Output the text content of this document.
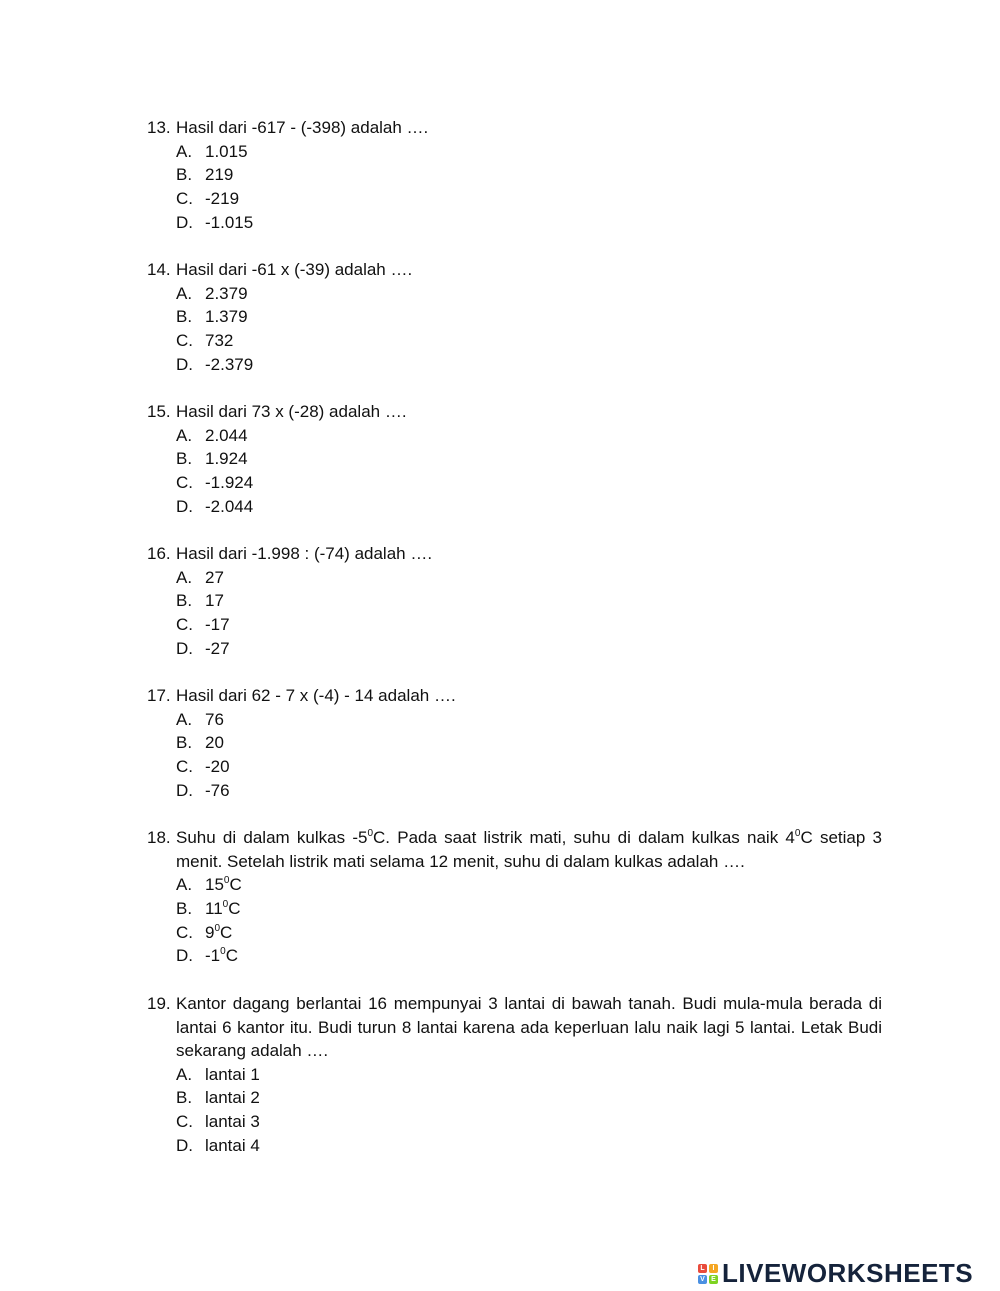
13. Hasil dari -617 - (-398) adalah ….
A. 1.015
B. 219
C. -219
D. -1.015
14. Hasil dari -61 x (-39) adalah ….
A. 2.379
B. 1.379
C. 732
D. -2.379
15. Hasil dari 73 x (-28) adalah ….
A. 2.044
B. 1.924
C. -1.924
D. -2.044
16. Hasil dari -1.998 : (-74) adalah ….
A. 27
B. 17
C. -17
D. -27
17. Hasil dari 62 - 7 x (-4) - 14 adalah ….
A. 76
B. 20
C. -20
D. -76
18. Suhu di dalam kulkas $-5^0C$. Pada saat listrik mati, suhu di dalam kulkas naik $4^0C$ setiap 3 menit. Setelah listrik mati selama 12 menit, suhu di dalam kulkas adalah ….
A. $15^0C$
B. $11^0C$
C. $9^0C$
D. $-1^0C$
19. Kantor dagang berlantai 16 mempunyai 3 lantai di bawah tanah. Budi mula-mula berada di lantai 6 kantor itu. Budi turun 8 lantai karena ada keperluan lalu naik lagi 5 lantai. Letak Budi sekarang adalah ….
A. lantai 1
B. lantai 2
C. lantai 3
D. lantai 4
L	I
V E LIVEWORKSHEETS
